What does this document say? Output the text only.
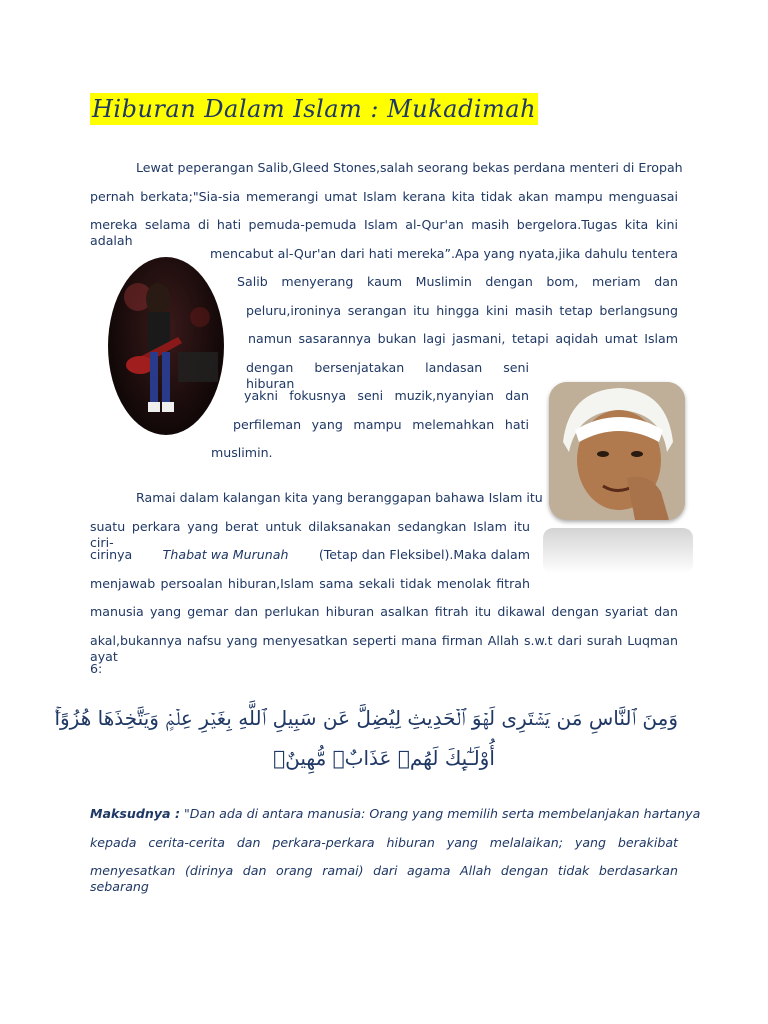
Hiburan Dalam Islam : Mukadimah
Lewat peperangan Salib,Gleed Stones,salah seorang bekas perdana menteri di Eropah
pernah berkata;"Sia-sia memerangi umat Islam kerana kita tidak akan mampu menguasai
mereka selama di hati pemuda-pemuda Islam al-Qur'an masih bergelora.Tugas kita kini adalah
mencabut al-Qur'an dari hati mereka”.Apa yang nyata,jika dahulu tentera
Salib menyerang kaum Muslimin dengan bom, meriam dan
peluru,ironinya serangan itu hingga kini masih tetap berlangsung
namun sasarannya bukan lagi jasmani, tetapi aqidah umat Islam
dengan bersenjatakan landasan seni hiburan
yakni fokusnya seni muzik,nyanyian dan
perfileman yang mampu melemahkan hati
muslimin.
Ramai dalam kalangan kita yang beranggapan bahawa Islam itu
suatu perkara yang berat untuk dilaksanakan sedangkan Islam itu ciri-
cirinya Thabat wa Murunah (Tetap dan Fleksibel).Maka dalam
menjawab persoalan hiburan,Islam sama sekali tidak menolak fitrah
manusia yang gemar dan perlukan hiburan asalkan fitrah itu dikawal dengan syariat dan
akal,bukannya nafsu yang menyesatkan seperti mana firman Allah s.w.t dari surah Luqman ayat
6:
وَمِنَ ٱلنَّاسِ مَن يَشۡتَرِى لَهۡوَ ٱلۡحَدِيثِ لِيُضِلَّ عَن سَبِيلِ ٱللَّهِ بِغَيۡرِ عِلۡمٍ۬ وَيَتَّخِذَهَا هُزُوًا‌ۚ
أُوْلَـٰٓٮِٕكَ لَهُمۡ عَذَابٌ۬ مُّهِينٌ۬
Maksudnya : "Dan ada di antara manusia: Orang yang memilih serta membelanjakan hartanya
kepada cerita-cerita dan perkara-perkara hiburan yang melalaikan; yang berakibat
menyesatkan (dirinya dan orang ramai) dari agama Allah dengan tidak berdasarkan sebarang
